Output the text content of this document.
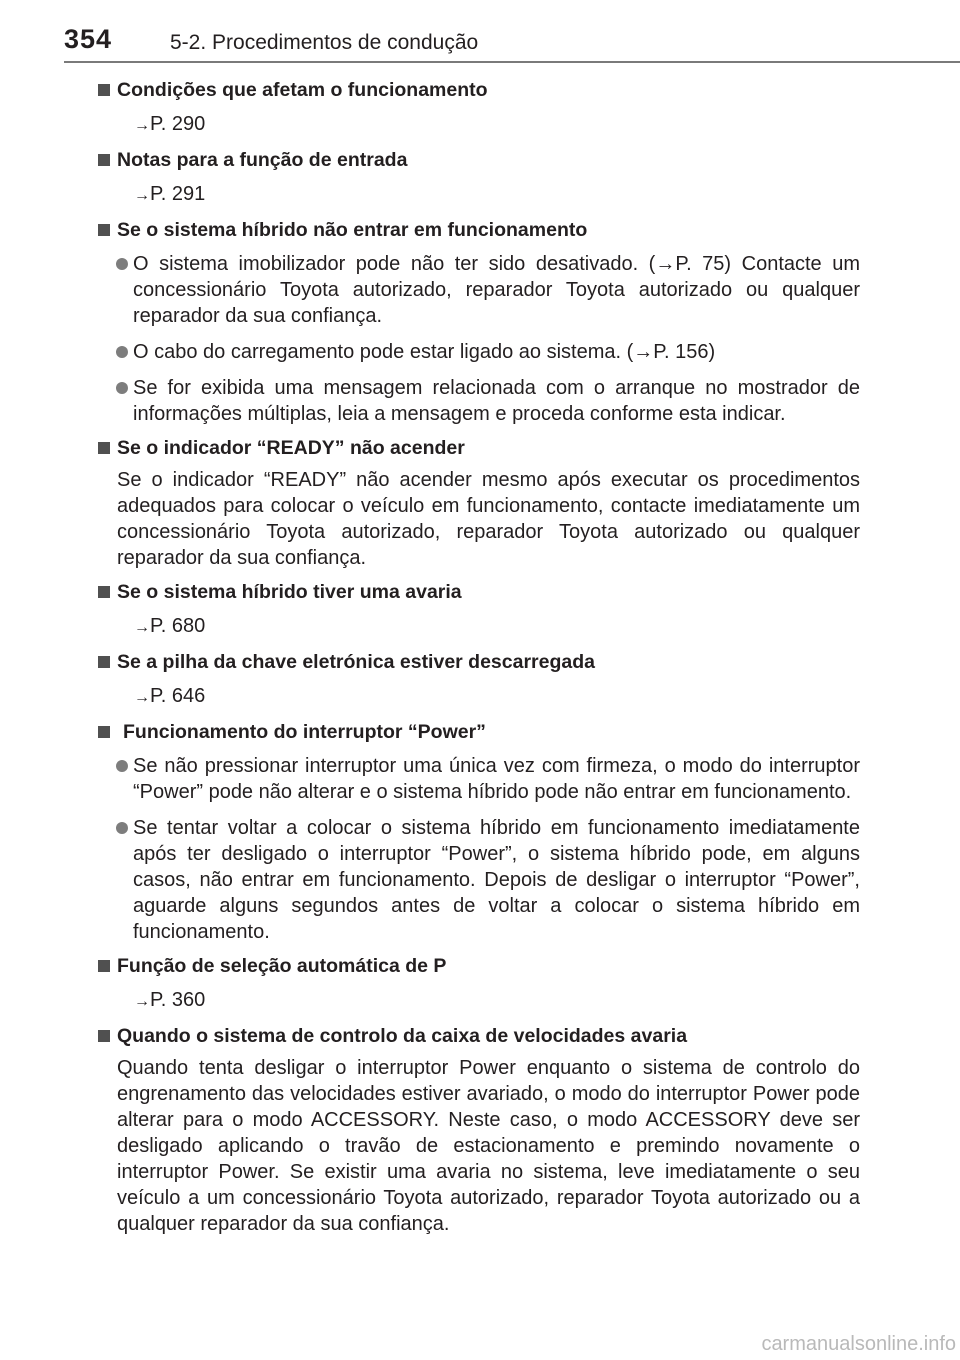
354	5-2. Procedimentos de condução
Condições que afetam o funcionamento
→P. 290
Notas para a função de entrada
→P. 291
Se o sistema híbrido não entrar em funcionamento
O sistema imobilizador pode não ter sido desativado. (→P. 75) Contacte um concessionário Toyota autorizado, reparador Toyota autorizado ou qualquer reparador da sua confiança.
O cabo do carregamento pode estar ligado ao sistema. (→P. 156)
Se for exibida uma mensagem relacionada com o arranque no mostrador de informações múltiplas, leia a mensagem e proceda conforme esta indicar.
Se o indicador “READY” não acender
Se o indicador “READY” não acender mesmo após executar os procedimentos adequados para colocar o veículo em funcionamento, contacte imediatamente um concessionário Toyota autorizado, reparador Toyota autorizado ou qualquer reparador da sua confiança.
Se o sistema híbrido tiver uma avaria
→P. 680
Se a pilha da chave eletrónica estiver descarregada
→P. 646
Funcionamento do interruptor “Power”
Se não pressionar interruptor uma única vez com firmeza, o modo do interruptor “Power” pode não alterar e o sistema híbrido pode não entrar em funcionamento.
Se tentar voltar a colocar o sistema híbrido em funcionamento imediatamente após ter desligado o interruptor “Power”, o sistema híbrido pode, em alguns casos, não entrar em funcionamento. Depois de desligar o interruptor “Power”, aguarde alguns segundos antes de voltar a colocar o sistema híbrido em funcionamento.
Função de seleção automática de P
→P. 360
Quando o sistema de controlo da caixa de velocidades avaria
Quando tenta desligar o interruptor Power enquanto o sistema de controlo do engrenamento das velocidades estiver avariado, o modo do interruptor Power pode alterar para o modo ACCESSORY. Neste caso, o modo ACCESSORY deve ser desligado aplicando o travão de estacionamento e premindo novamente o interruptor Power. Se existir uma avaria no sistema, leve imediatamente o seu veículo a um concessionário Toyota autorizado, reparador Toyota autorizado ou a qualquer reparador da sua confiança.
carmanualsonline.info
